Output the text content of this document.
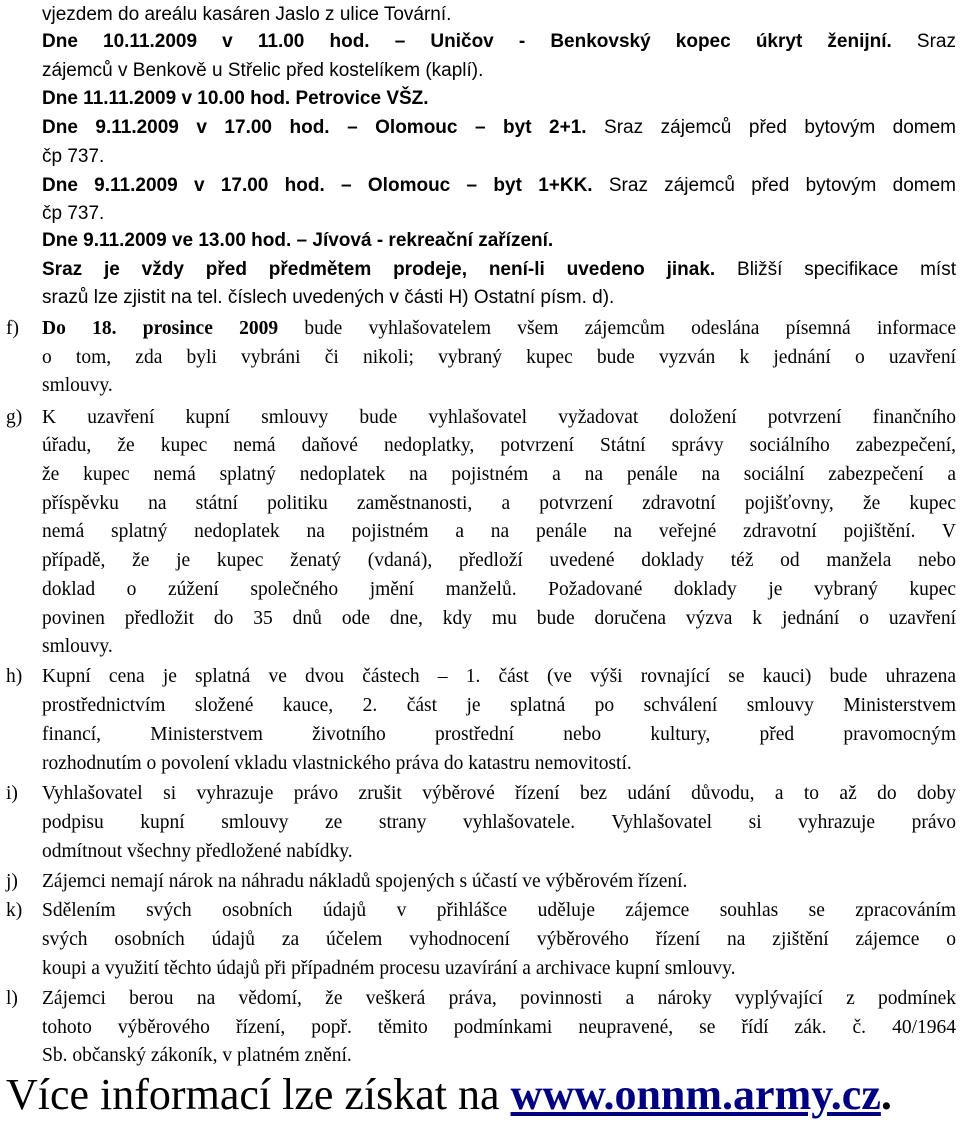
vjezdem do areálu kasáren Jaslo z ulice Tovární.
Dne 10.11.2009 v 11.00 hod. – Uničov - Benkovský kopec úkryt ženijní. Sraz
zájemců v Benkově u Střelic před kostelíkem (kaplí).
Dne 11.11.2009 v 10.00 hod. Petrovice VŠZ.
Dne 9.11.2009 v 17.00 hod. – Olomouc – byt 2+1. Sraz zájemců před bytovým domem
čp 737.
Dne 9.11.2009 v 17.00 hod. – Olomouc – byt 1+KK. Sraz zájemců před bytovým domem
čp 737.
Dne 9.11.2009 ve 13.00 hod. – Jívová - rekreační zařízení.
Sraz je vždy před předmětem prodeje, není-li uvedeno jinak. Bližší specifikace míst
srazů lze zjistit na tel. číslech uvedených v části H) Ostatní písm. d).
f)	Do 18. prosince 2009 bude vyhlašovatelem všem zájemcům odeslána písemná informace
o tom, zda byli vybráni či nikoli; vybraný kupec bude vyzván k jednání o uzavření
smlouvy.
g)	K uzavření kupní smlouvy bude vyhlašovatel vyžadovat doložení potvrzení finančního
úřadu, že kupec nemá daňové nedoplatky, potvrzení Státní správy sociálního zabezpečení,
že kupec nemá splatný nedoplatek na pojistném a na penále na sociální zabezpečení a
příspěvku na státní politiku zaměstnanosti, a potvrzení zdravotní pojišťovny, že kupec
nemá splatný nedoplatek na pojistném a na penále na veřejné zdravotní pojištění. V
případě, že je kupec ženatý (vdaná), předloží uvedené doklady též od manžela nebo
doklad o zúžení společného jmění manželů. Požadované doklady je vybraný kupec
povinen předložit do 35 dnů ode dne, kdy mu bude doručena výzva k jednání o uzavření
smlouvy.
h)	Kupní cena je splatná ve dvou částech – 1. část (ve výši rovnající se kauci) bude uhrazena
prostřednictvím složené kauce, 2. část je splatná po schválení smlouvy Ministerstvem
financí, Ministerstvem životního prostřední nebo kultury, před pravomocným
rozhodnutím o povolení vkladu vlastnického práva do katastru nemovitostí.
i)	Vyhlašovatel si vyhrazuje právo zrušit výběrové řízení bez udání důvodu, a to až do doby
podpisu kupní smlouvy ze strany vyhlašovatele. Vyhlašovatel si vyhrazuje právo
odmítnout všechny předložené nabídky.
j)	Zájemci nemají nárok na náhradu nákladů spojených s účastí ve výběrovém řízení.
k)	Sdělením svých osobních údajů v přihlášce uděluje zájemce souhlas se zpracováním
svých osobních údajů za účelem vyhodnocení výběrového řízení na zjištění zájemce o
koupi a využití těchto údajů při případném procesu uzavírání a archivace kupní smlouvy.
l)	Zájemci berou na vědomí, že veškerá práva, povinnosti a nároky vyplývající z podmínek
tohoto výběrového řízení, popř. těmito podmínkami neupravené, se řídí zák. č. 40/1964
Sb. občanský zákoník, v platném znění.
Více informací lze získat na www.onnm.army.cz.
